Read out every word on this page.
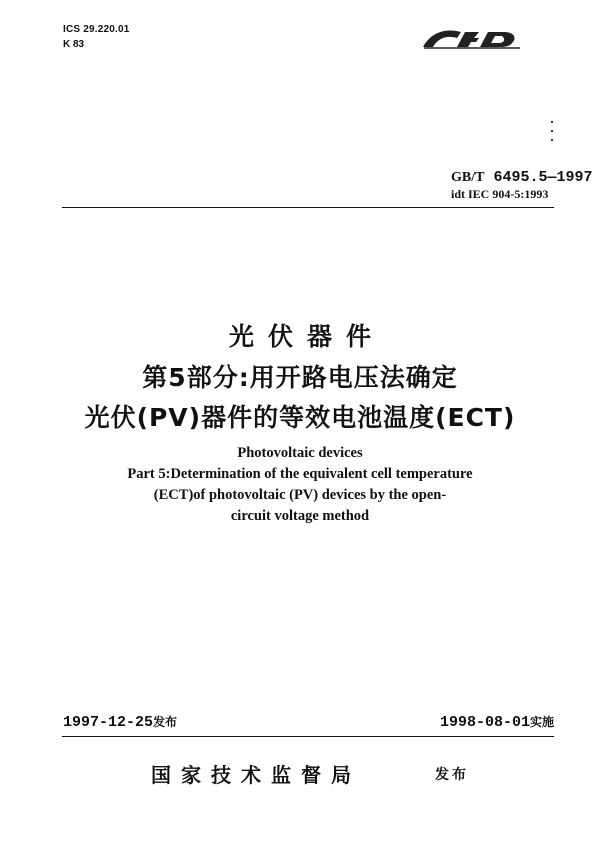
ICS 29.220.01
K 83
GB/T 6495.5—1997
idt IEC 904-5:1993
光伏器件
第5部分:用开路电压法确定
光伏(PV)器件的等效电池温度(ECT)
Photovoltaic devices
Part 5:Determination of the equivalent cell temperature
(ECT)of photovoltaic (PV) devices by the open-
circuit voltage method
1997-12-25发布	1998-08-01实施
国家技术监督局	发布
